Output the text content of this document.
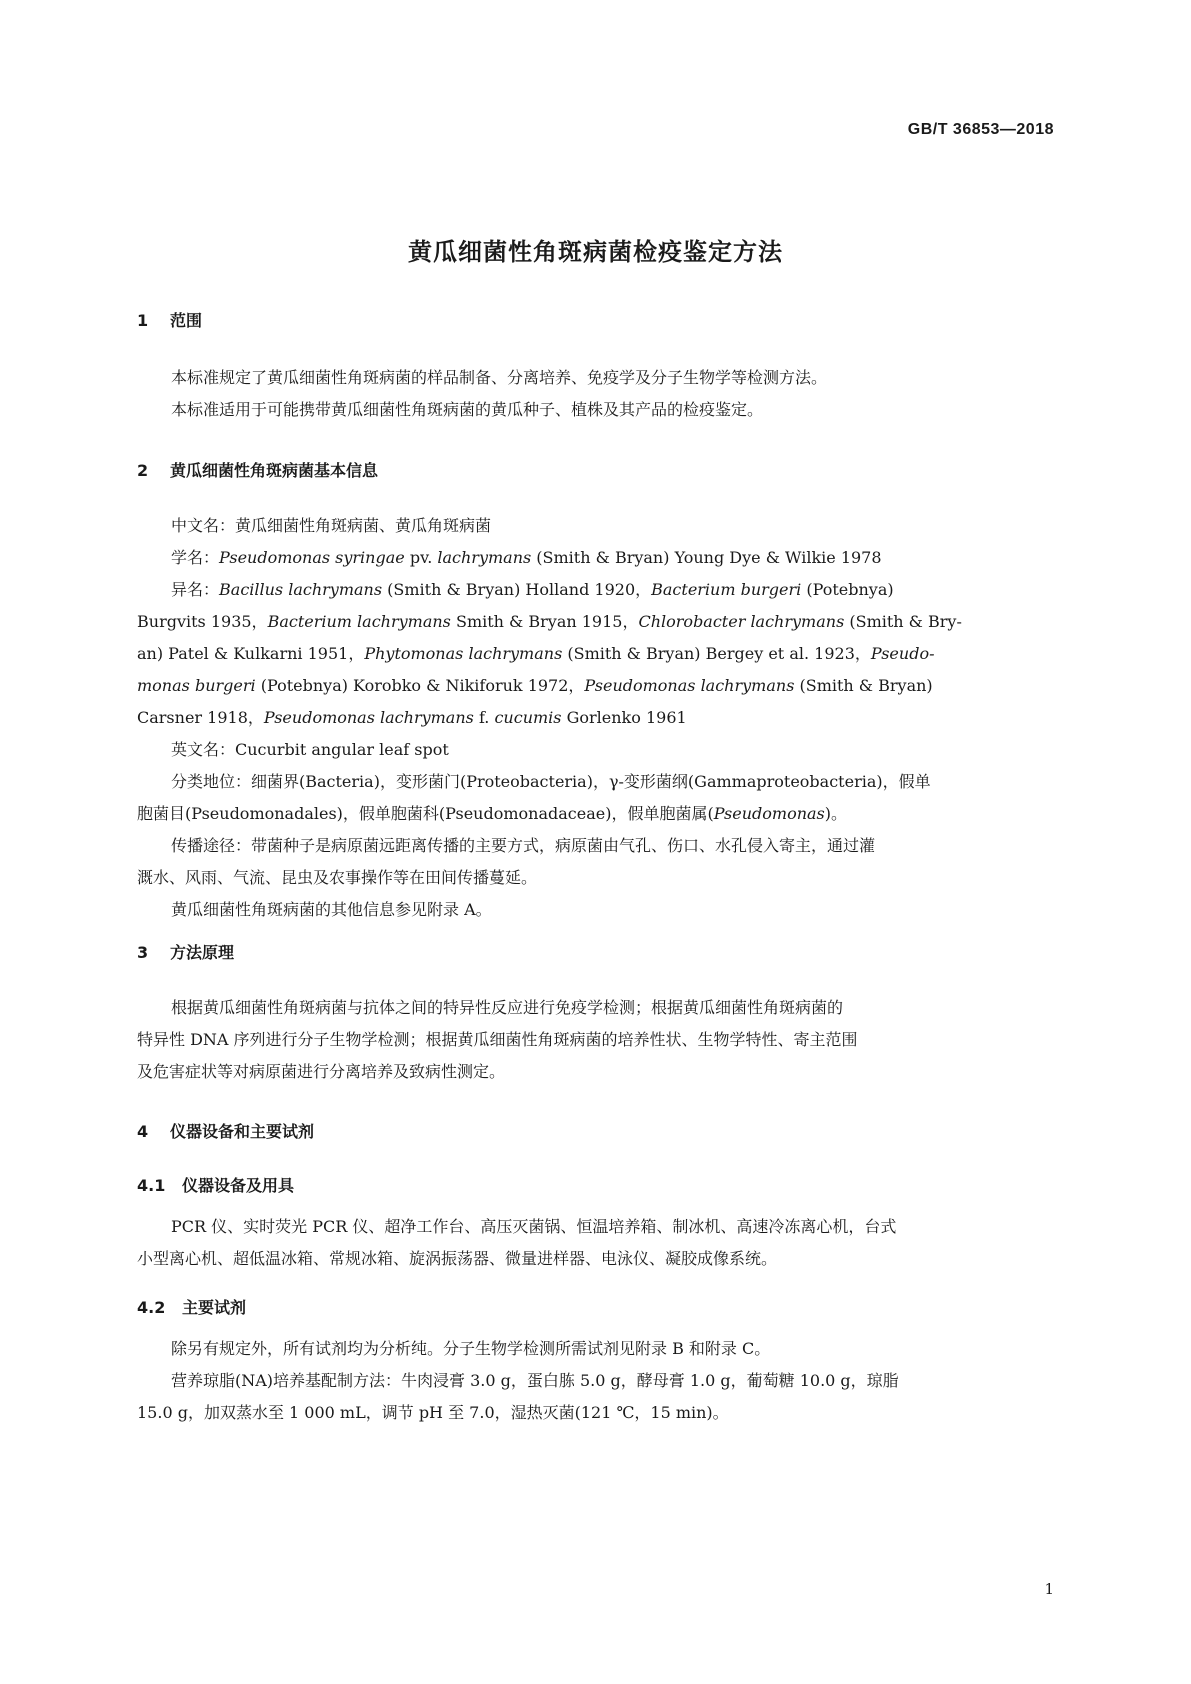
GB/T 36853—2018
黄瓜细菌性角斑病菌检疫鉴定方法
1 范围
本标准规定了黄瓜细菌性角斑病菌的样品制备、分离培养、免疫学及分子生物学等检测方法。
本标准适用于可能携带黄瓜细菌性角斑病菌的黄瓜种子、植株及其产品的检疫鉴定。
2 黄瓜细菌性角斑病菌基本信息
中文名：黄瓜细菌性角斑病菌、黄瓜角斑病菌
学名：Pseudomonas syringae pv. lachrymans (Smith & Bryan) Young Dye & Wilkie 1978
异名：Bacillus lachrymans (Smith & Bryan) Holland 1920，Bacterium burgeri (Potebnya)
Burgvits 1935，Bacterium lachrymans Smith & Bryan 1915，Chlorobacter lachrymans (Smith & Bry-
an) Patel & Kulkarni 1951，Phytomonas lachrymans (Smith & Bryan) Bergey et al. 1923，Pseudo-
monas burgeri (Potebnya) Korobko & Nikiforuk 1972，Pseudomonas lachrymans (Smith & Bryan)
Carsner 1918，Pseudomonas lachrymans f. cucumis Gorlenko 1961
英文名：Cucurbit angular leaf spot
分类地位：细菌界(Bacteria)，变形菌门(Proteobacteria)，γ-变形菌纲(Gammaproteobacteria)，假单
胞菌目(Pseudomonadales)，假单胞菌科(Pseudomonadaceae)，假单胞菌属(Pseudomonas)。
传播途径：带菌种子是病原菌远距离传播的主要方式，病原菌由气孔、伤口、水孔侵入寄主，通过灌
溉水、风雨、气流、昆虫及农事操作等在田间传播蔓延。
黄瓜细菌性角斑病菌的其他信息参见附录 A。
3 方法原理
根据黄瓜细菌性角斑病菌与抗体之间的特异性反应进行免疫学检测；根据黄瓜细菌性角斑病菌的
特异性 DNA 序列进行分子生物学检测；根据黄瓜细菌性角斑病菌的培养性状、生物学特性、寄主范围
及危害症状等对病原菌进行分离培养及致病性测定。
4 仪器设备和主要试剂
4.1 仪器设备及用具
PCR 仪、实时荧光 PCR 仪、超净工作台、高压灭菌锅、恒温培养箱、制冰机、高速冷冻离心机，台式
小型离心机、超低温冰箱、常规冰箱、旋涡振荡器、微量进样器、电泳仪、凝胶成像系统。
4.2 主要试剂
除另有规定外，所有试剂均为分析纯。分子生物学检测所需试剂见附录 B 和附录 C。
营养琼脂(NA)培养基配制方法：牛肉浸膏 3.0 g，蛋白胨 5.0 g，酵母膏 1.0 g，葡萄糖 10.0 g，琼脂
15.0 g，加双蒸水至 1 000 mL，调节 pH 至 7.0，湿热灭菌(121 ℃，15 min)。
1
